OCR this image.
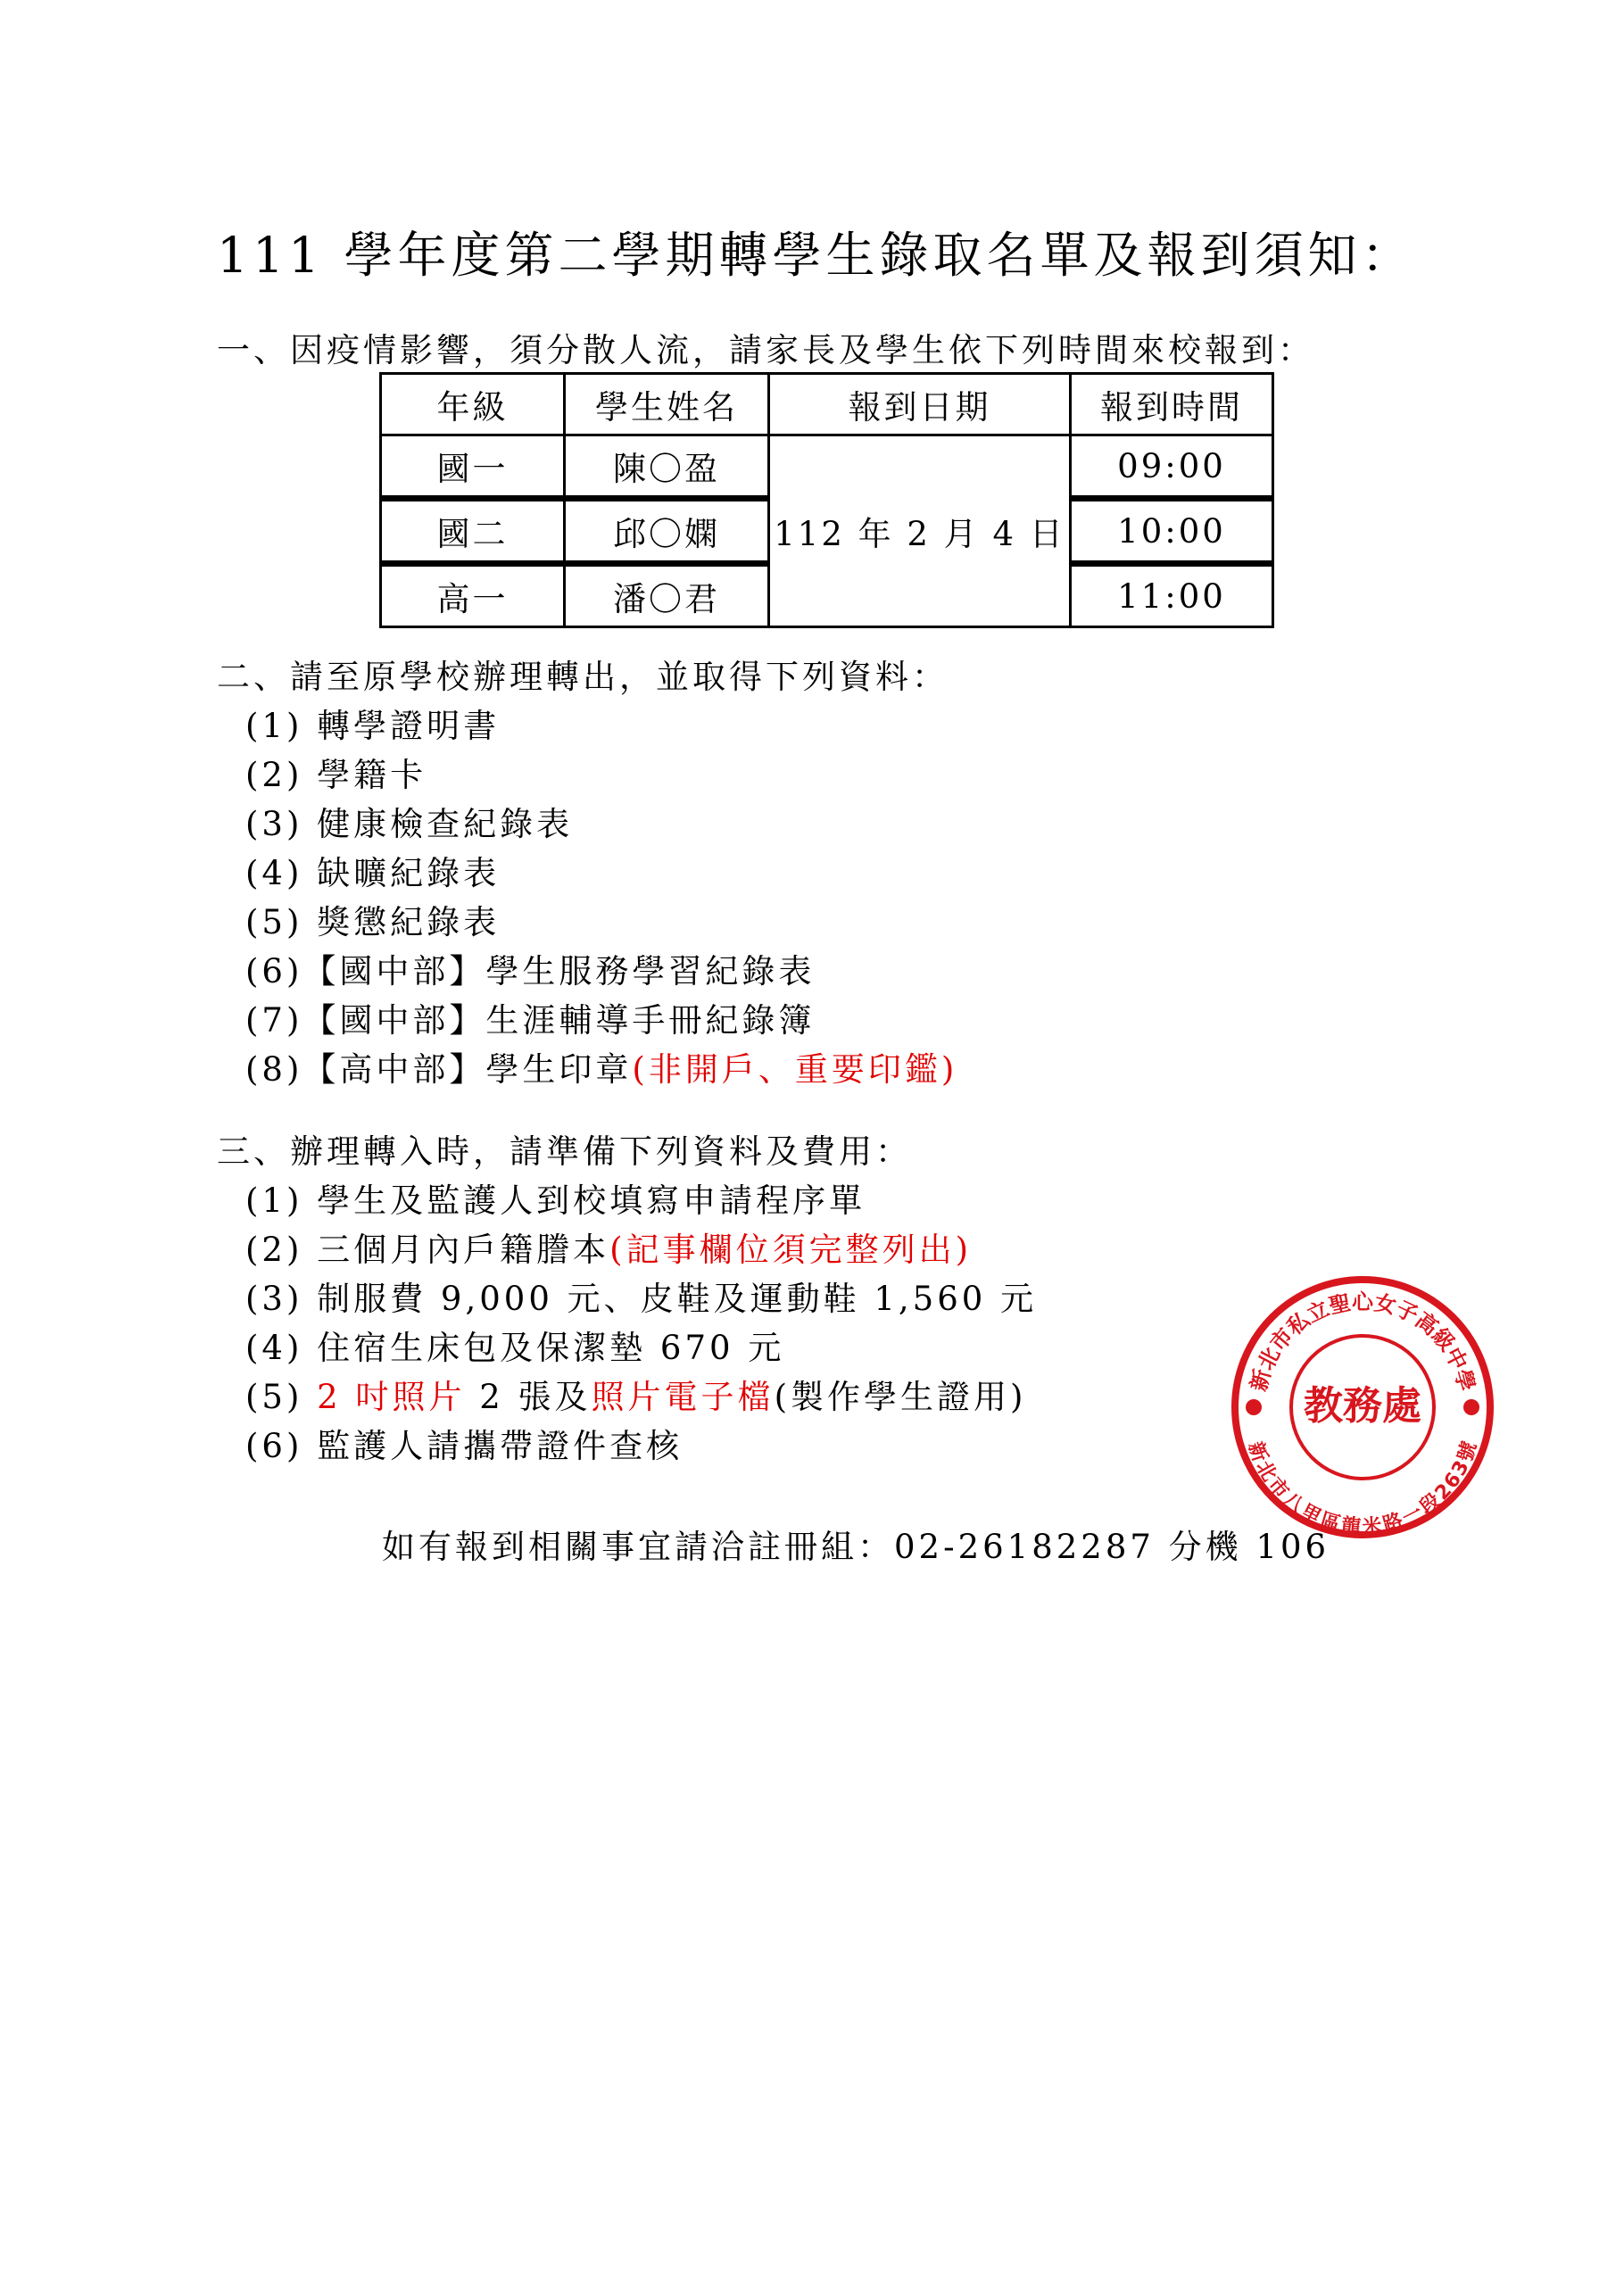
111 學年度第二學期轉學生錄取名單及報到須知：
一、因疫情影響，須分散人流，請家長及學生依下列時間來校報到：
年級	學生姓名	報到日期	報到時間
國一	陳〇盈	112 年 2 月 4 日	09:00
國二	邱〇嫻		10:00
高一	潘〇君		11:00
二、請至原學校辦理轉出，並取得下列資料：
(1) 轉學證明書
(2) 學籍卡
(3) 健康檢查紀錄表
(4) 缺曠紀錄表
(5) 獎懲紀錄表
(6)【國中部】學生服務學習紀錄表
(7)【國中部】生涯輔導手冊紀錄簿
(8)【高中部】學生印章(非開戶、重要印鑑)
三、辦理轉入時，請準備下列資料及費用：
(1) 學生及監護人到校填寫申請程序單
(2) 三個月內戶籍謄本(記事欄位須完整列出)
(3) 制服費 9,000 元、皮鞋及運動鞋 1,560 元
(4) 住宿生床包及保潔墊 670 元
(5) 2 吋照片 2 張及照片電子檔(製作學生證用)
(6) 監護人請攜帶證件查核
如有報到相關事宜請洽註冊組：02-26182287 分機 106
新北市私立聖心女子高級中學
新北市八里區龍米路一段263號
教務處
